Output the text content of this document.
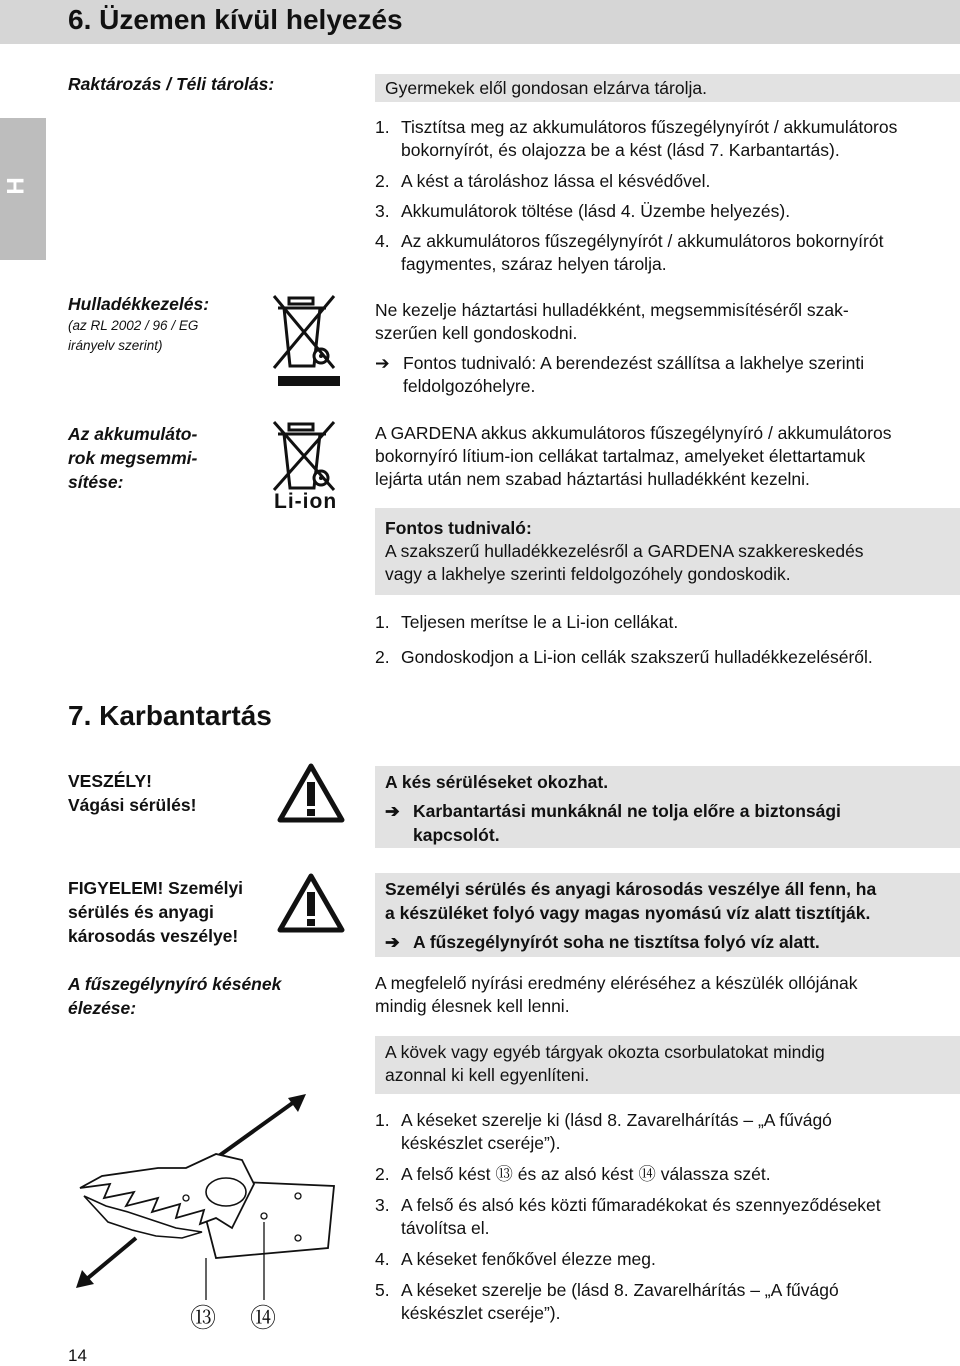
6. Üzemen kívül helyezés
H
Raktározás / Téli tárolás:	Gyermekek elől gondosan elzárva tárolja.
1. Tisztítsa meg az akkumulátoros fűszegélynyírót / akkumulátoros
bokornyírót, és olajozza be a kést (lásd 7. Karbantartás).
2. A kést a tároláshoz lássa el késvédővel.
3. Akkumulátorok töltése (lásd 4. Üzembe helyezés).
4. Az akkumulátoros fűszegélynyírót / akkumulátoros bokornyírót
fagymentes, száraz helyen tárolja.
Hulladékkezelés:
(az RL 2002 / 96 / EG
irányelv szerint)
Ne kezelje háztartási hulladékként, megsemmisítéséről szak-
szerűen kell gondoskodni.
➔ Fontos tudnivaló: A berendezést szállítsa a lakhelye szerinti
feldolgozóhelyre.
Az akkumuláto-
rok megsemmi-
sítése:
Li-ion
A GARDENA akkus akkumulátoros fűszegélynyíró / akkumulátoros
bokornyíró lítium-ion cellákat tartalmaz, amelyeket élettartamuk
lejárta után nem szabad háztartási hulladékként kezelni.
Fontos tudnivaló:
A szakszerű hulladékkezelésről a GARDENA szakkereskedés
vagy a lakhelye szerinti feldolgozóhely gondoskodik.
1. Teljesen merítse le a Li-ion cellákat.
2. Gondoskodjon a Li-ion cellák szakszerű hulladékkezeléséről.
7. Karbantartás
VESZÉLY!
Vágási sérülés!
A kés sérüléseket okozhat.
➔ Karbantartási munkáknál ne tolja előre a biztonsági
kapcsolót.
FIGYELEM! Személyi
sérülés és anyagi
károsodás veszélye!
Személyi sérülés és anyagi károsodás veszélye áll fenn, ha
a készüléket folyó vagy magas nyomású víz alatt tisztítják.
➔ A fűszegélynyírót soha ne tisztítsa folyó víz alatt.
A fűszegélynyíró késének
élezése:
A megfelelő nyírási eredmény eléréséhez a készülék ollójának
mindig élesnek kell lenni.
A kövek vagy egyéb tárgyak okozta csorbulatokat mindig
azonnal ki kell egyenlíteni.
1. A késeket szerelje ki (lásd 8. Zavarelhárítás – „A fűvágó
késkészlet cseréje”).
2. A felső kést ⑬ és az alsó kést ⑭ válassza szét.
3. A felső és alsó kés közti fűmaradékokat és szennyeződéseket
távolítsa el.
4. A késeket fenőkővel élezze meg.
5. A késeket szerelje be (lásd 8. Zavarelhárítás – „A fűvágó
késkészlet cseréje”).
⑬ ⑭
14
